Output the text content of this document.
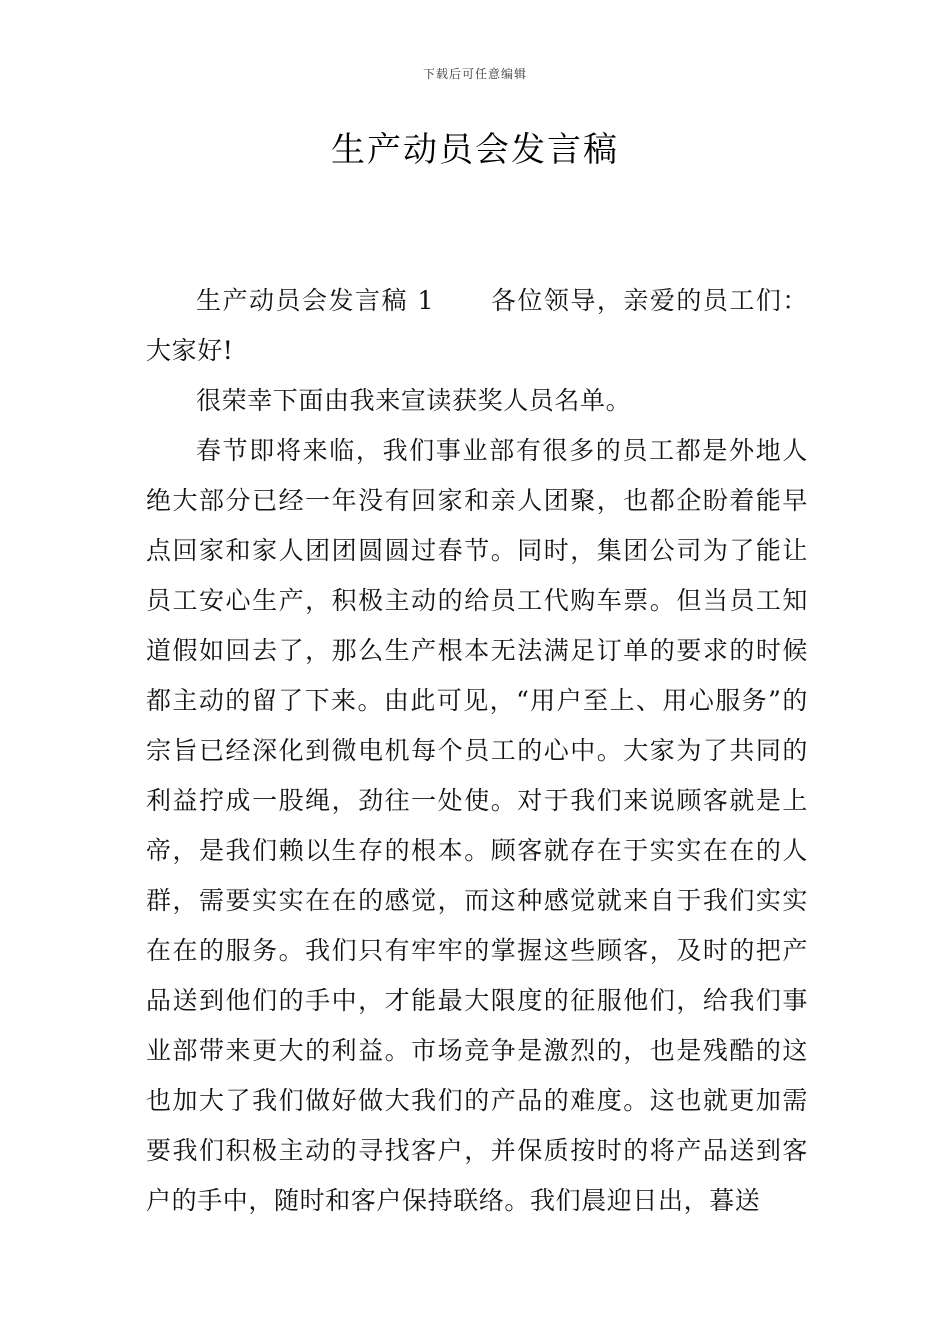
下载后可任意编辑
生产动员会发言稿

生产动员会发言稿 1 各位领导，亲爱的员工们：大家好!

很荣幸下面由我来宣读获奖人员名单。

春节即将来临，我们事业部有很多的员工都是外地人绝大部分已经一年没有回家和亲人团聚，也都企盼着能早点回家和家人团团圆圆过春节。同时，集团公司为了能让员工安心生产，积极主动的给员工代购车票。但当员工知道假如回去了，那么生产根本无法满足订单的要求的时候都主动的留了下来。由此可见，“用户至上、用心服务”的宗旨已经深化到微电机每个员工的心中。大家为了共同的利益拧成一股绳，劲往一处使。对于我们来说顾客就是上帝，是我们赖以生存的根本。顾客就存在于实实在在的人群，需要实实在在的感觉，而这种感觉就来自于我们实实在在的服务。我们只有牢牢的掌握这些顾客，及时的把产品送到他们的手中，才能最大限度的征服他们，给我们事业部带来更大的利益。市场竞争是激烈的，也是残酷的这也加大了我们做好做大我们的产品的难度。这也就更加需要我们积极主动的寻找客户，并保质按时的将产品送到客户的手中，随时和客户保持联络。我们晨迎日出，暮送
